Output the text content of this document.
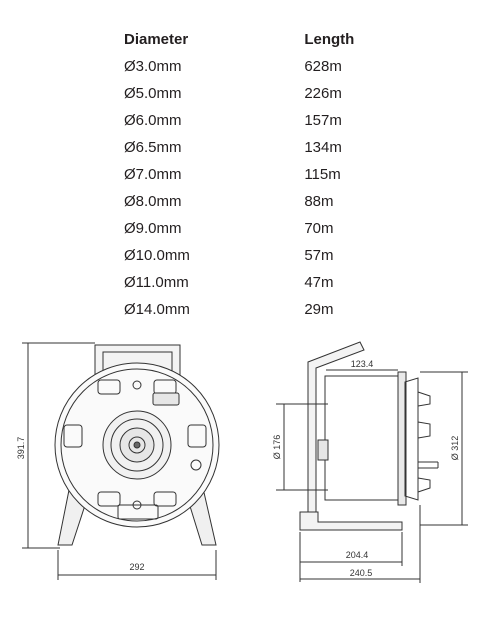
Diameter	Length
Ø3.0mm	628m
Ø5.0mm	226m
Ø6.0mm	157m
Ø6.5mm	134m
Ø7.0mm	115m
Ø8.0mm	88m
Ø9.0mm	70m
Ø10.0mm	57m
Ø11.0mm	47m
Ø14.0mm	29m
391.7
292
123.4
Ø 176	Ø 312
204.4
240.5
